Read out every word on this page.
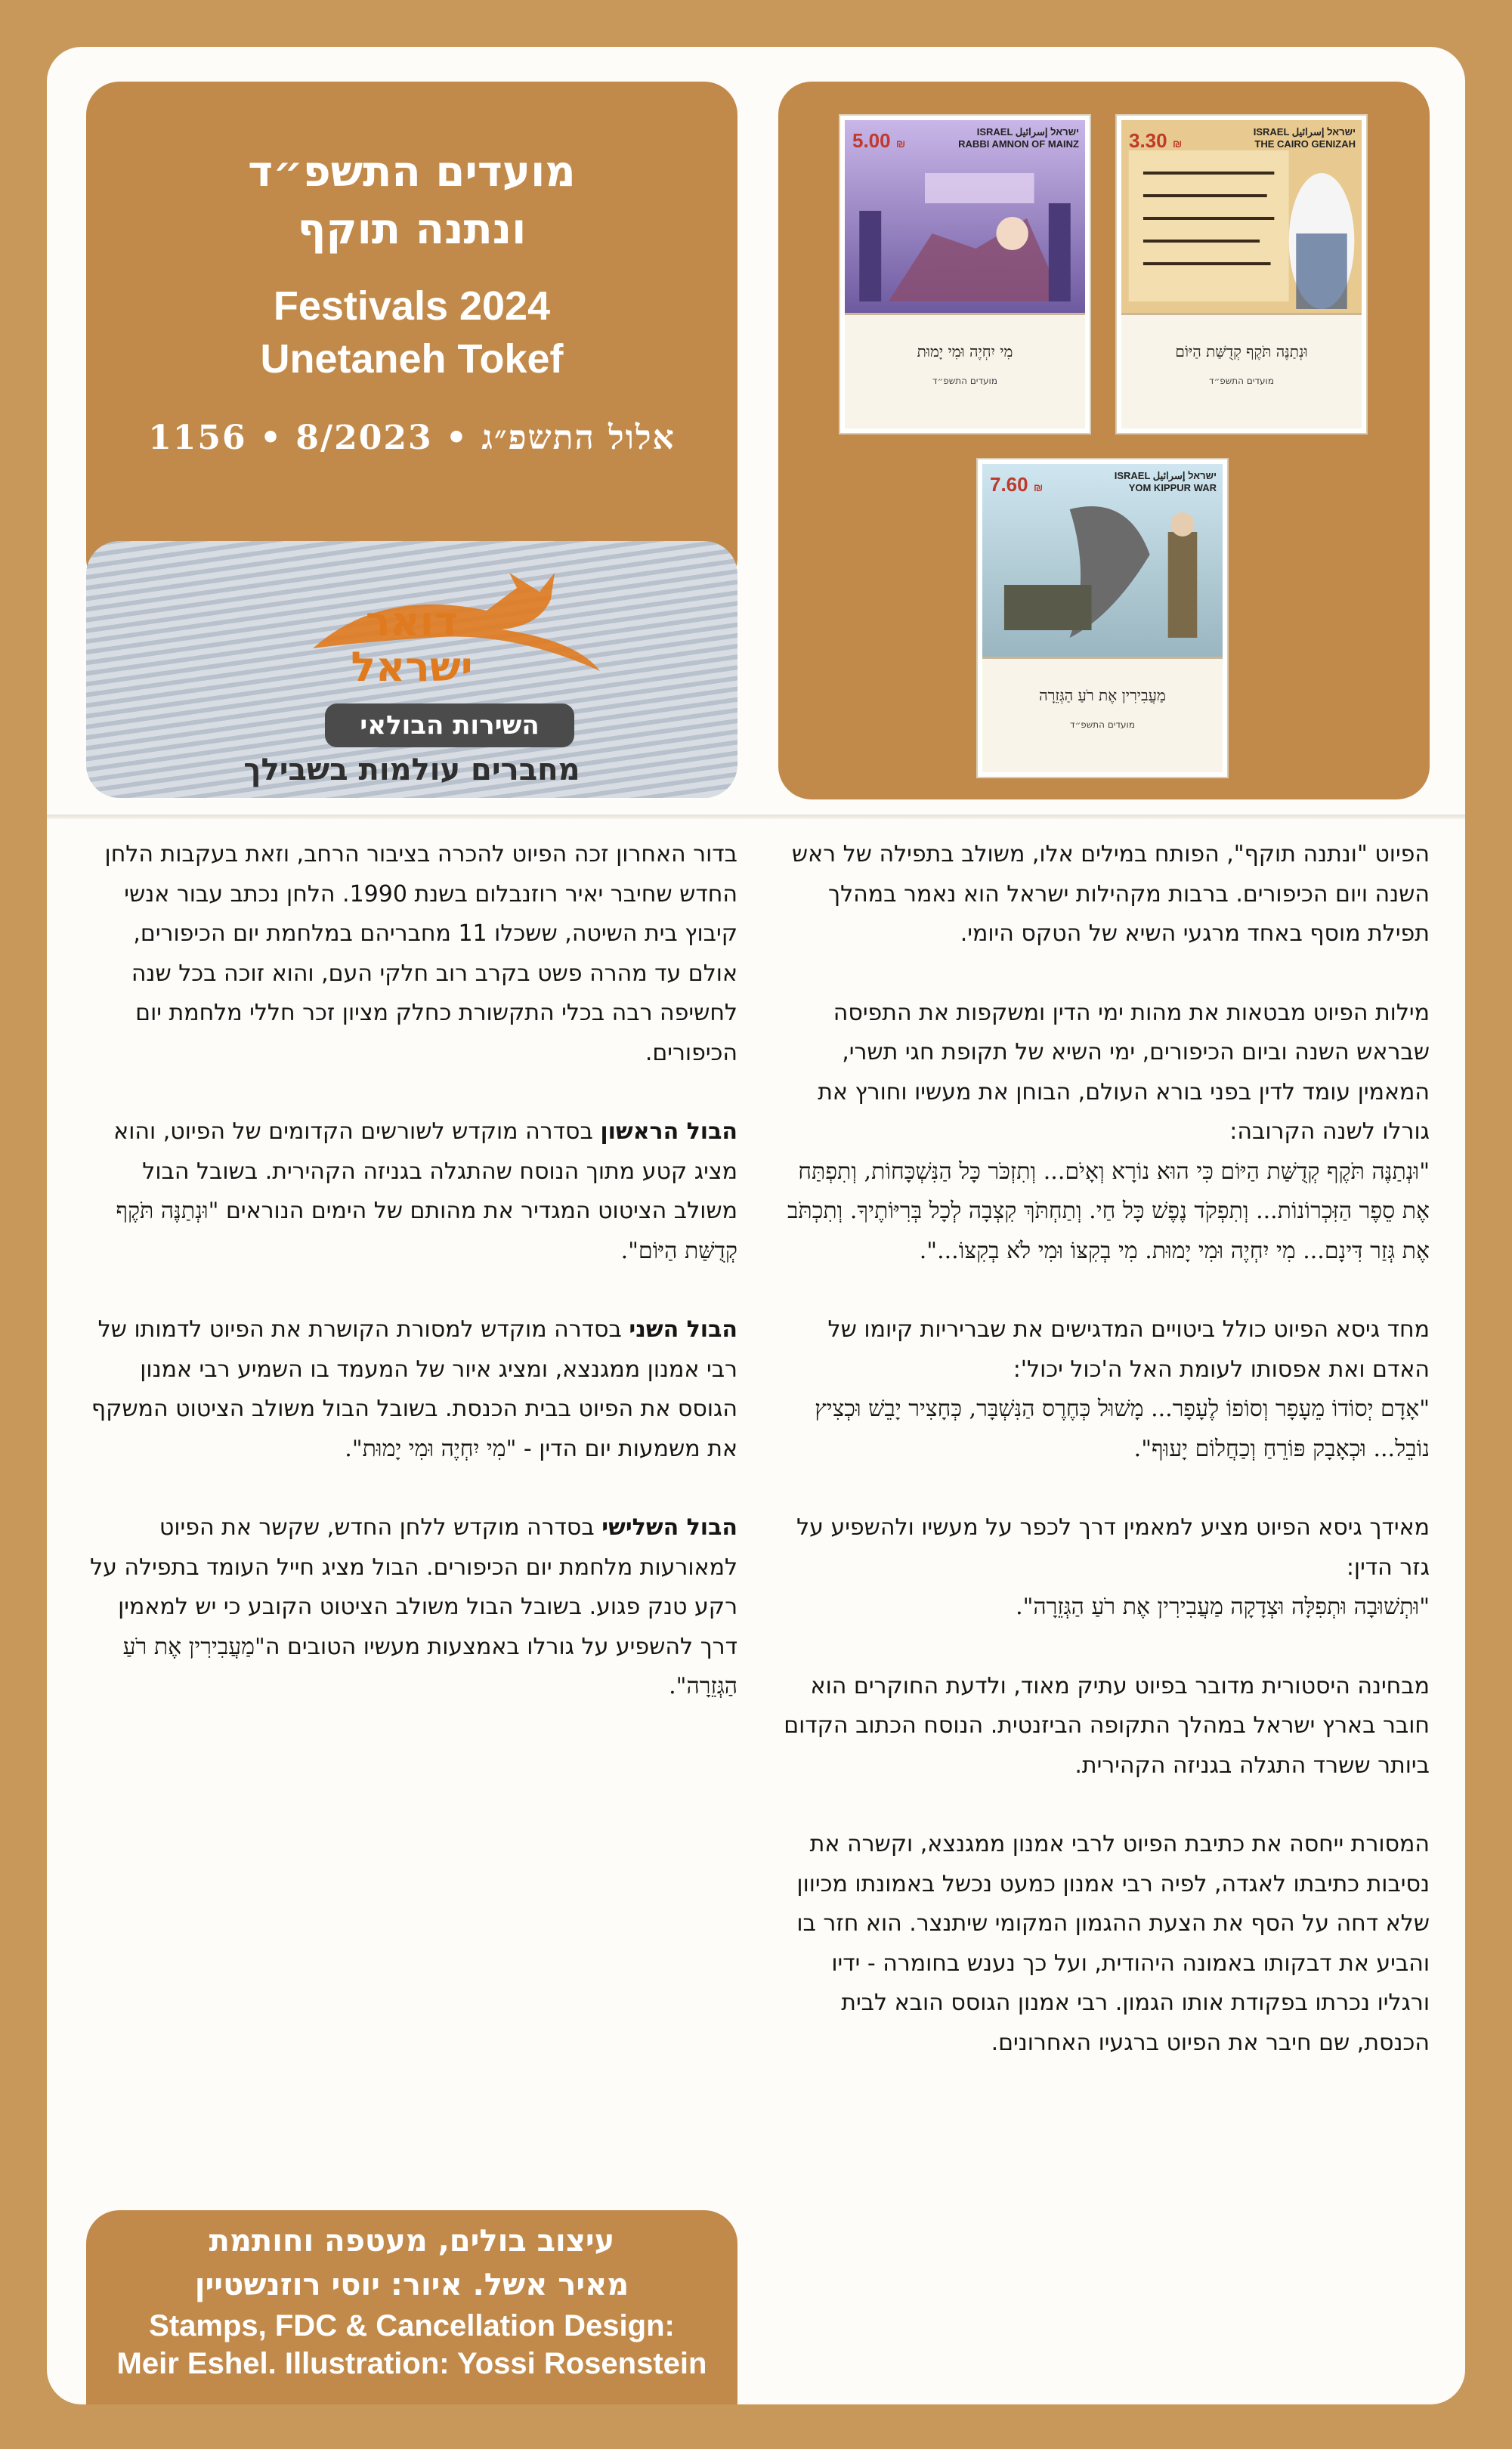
מועדים התשפ״ד
ונתנה תוקף
Festivals 2024
Unetaneh Tokef
אלול התשפ״ג • 8/2023 • 1156
דואר
ישראל
השירות הבולאי
מחברים עולמות בשבילך
5.00 ₪
ISRAEL ישראל إسرائيل
RABBI AMNON OF MAINZ
מִי יִחְיֶה וּמִי יָמוּת
מועדים התשפ״ד
3.30 ₪
ISRAEL ישראל إسرائيل
THE CAIRO GENIZAH
וּנְתַנֶּה תֹּקֶף קְדֻשַּׁת הַיּוֹם
מועדים התשפ״ד
7.60 ₪
ISRAEL ישראל إسرائيل
YOM KIPPUR WAR
מַעֲבִירִין אֶת רֹעַ הַגְּזֵרָה
מועדים התשפ״ד

הפיוט "ונתנה תוקף", הפותח במילים אלו, משולב בתפילה של ראש השנה ויום הכיפורים. ברבות מקהילות ישראל הוא נאמר במהלך תפילת מוסף באחד מרגעי השיא של הטקס היומי.

מילות הפיוט מבטאות את מהות ימי הדין ומשקפות את התפיסה שבראש השנה וביום הכיפורים, ימי השיא של תקופת חגי תשרי, המאמין עומד לדין בפני בורא העולם, הבוחן את מעשיו וחורץ את גורלו לשנה הקרובה:

"וּנְתַנֶּה תֹּקֶף קְדֻשַּׁת הַיּוֹם כִּי הוּא נוֹרָא וְאָיֹם... וְתִזְכֹּר כָּל הַנִּשְׁכָּחוֹת, וְתִפְתַּח אֶת סֵפֶר הַזִּכְרוֹנוֹת... וְתִפְקֹד נֶפֶשׁ כָּל חַי. וְתַחְתֹּךְ קִצְבָה לְכָל בְּרִיּוֹתֶיךָ. וְתִכְתֹּב אֶת גְּזַר דִּינָם... מִי יִחְיֶה וּמִי יָמוּת. מִי בְקִצּוֹ וּמִי לֹא בְקִצּוֹ...".

מחד גיסא הפיוט כולל ביטויים המדגישים את שבריריות קיומו של האדם ואת אפסותו לעומת האל ה'כול יכול':

"אָדָם יְסוֹדוֹ מֵעָפָר וְסוֹפוֹ לֶעָפָר... מָשׁוּל כְּחֶרֶס הַנִּשְׁבָּר, כְּחָצִיר יָבֵשׁ וּכְצִיץ נוֹבֵל... וּכְאָבָק פּוֹרֵחַ וְכַחֲלוֹם יָעוּף".

מאידך גיסא הפיוט מציע למאמין דרך לכפר על מעשיו ולהשפיע על גזר הדין:

"וּתְשׁוּבָה וּתְפִלָּה וּצְדָקָה מַעֲבִירִין אֶת רֹעַ הַגְּזֵרָה".

מבחינה היסטורית מדובר בפיוט עתיק מאוד, ולדעת החוקרים הוא חובר בארץ ישראל במהלך התקופה הביזנטית. הנוסח הכתוב הקדום ביותר ששרד התגלה בגניזה הקהירית.

המסורת ייחסה את כתיבת הפיוט לרבי אמנון ממגנצא, וקשרה את נסיבות כתיבתו לאגדה, לפיה רבי אמנון כמעט נכשל באמונתו מכיוון שלא דחה על הסף את הצעת ההגמון המקומי שיתנצר. הוא חזר בו והביע את דבקותו באמונה היהודית, ועל כך נענש בחומרה - ידיו ורגליו נכרתו בפקודת אותו הגמון. רבי אמנון הגוסס הובא לבית הכנסת, שם חיבר את הפיוט ברגעיו האחרונים.

בדור האחרון זכה הפיוט להכרה בציבור הרחב, וזאת בעקבות הלחן החדש שחיבר יאיר רוזנבלום בשנת 1990. הלחן נכתב עבור אנשי קיבוץ בית השיטה, ששכלו 11 מחבריהם במלחמת יום הכיפורים, אולם עד מהרה פשט בקרב רוב חלקי העם, והוא זוכה בכל שנה לחשיפה רבה בכלי התקשורת כחלק מציון זכר חללי מלחמת יום הכיפורים.

הבול הראשון בסדרה מוקדש לשורשים הקדומים של הפיוט, והוא מציג קטע מתוך הנוסח שהתגלה בגניזה הקהירית. בשובל הבול משולב הציטוט המגדיר את מהותם של הימים הנוראים "וּנְתַנֶּה תֹּקֶף קְדֻשַּׁת הַיּוֹם".

הבול השני בסדרה מוקדש למסורת הקושרת את הפיוט לדמותו של רבי אמנון ממגנצא, ומציג איור של המעמד בו השמיע רבי אמנון הגוסס את הפיוט בבית הכנסת. בשובל הבול משולב הציטוט המשקף את משמעות יום הדין - "מִי יִחְיֶה וּמִי יָמוּת".

הבול השלישי בסדרה מוקדש ללחן החדש, שקשר את הפיוט למאורעות מלחמת יום הכיפורים. הבול מציג חייל העומד בתפילה על רקע טנק פגוע. בשובל הבול משולב הציטוט הקובע כי יש למאמין דרך להשפיע על גורלו באמצעות מעשיו הטובים ה"מַעֲבִירִין אֶת רֹעַ הַגְּזֵרָה".

עיצוב בולים, מעטפה וחותמת
מאיר אשל. איור: יוסי רוזנשטיין
Stamps, FDC & Cancellation Design:
Meir Eshel. Illustration: Yossi Rosenstein
